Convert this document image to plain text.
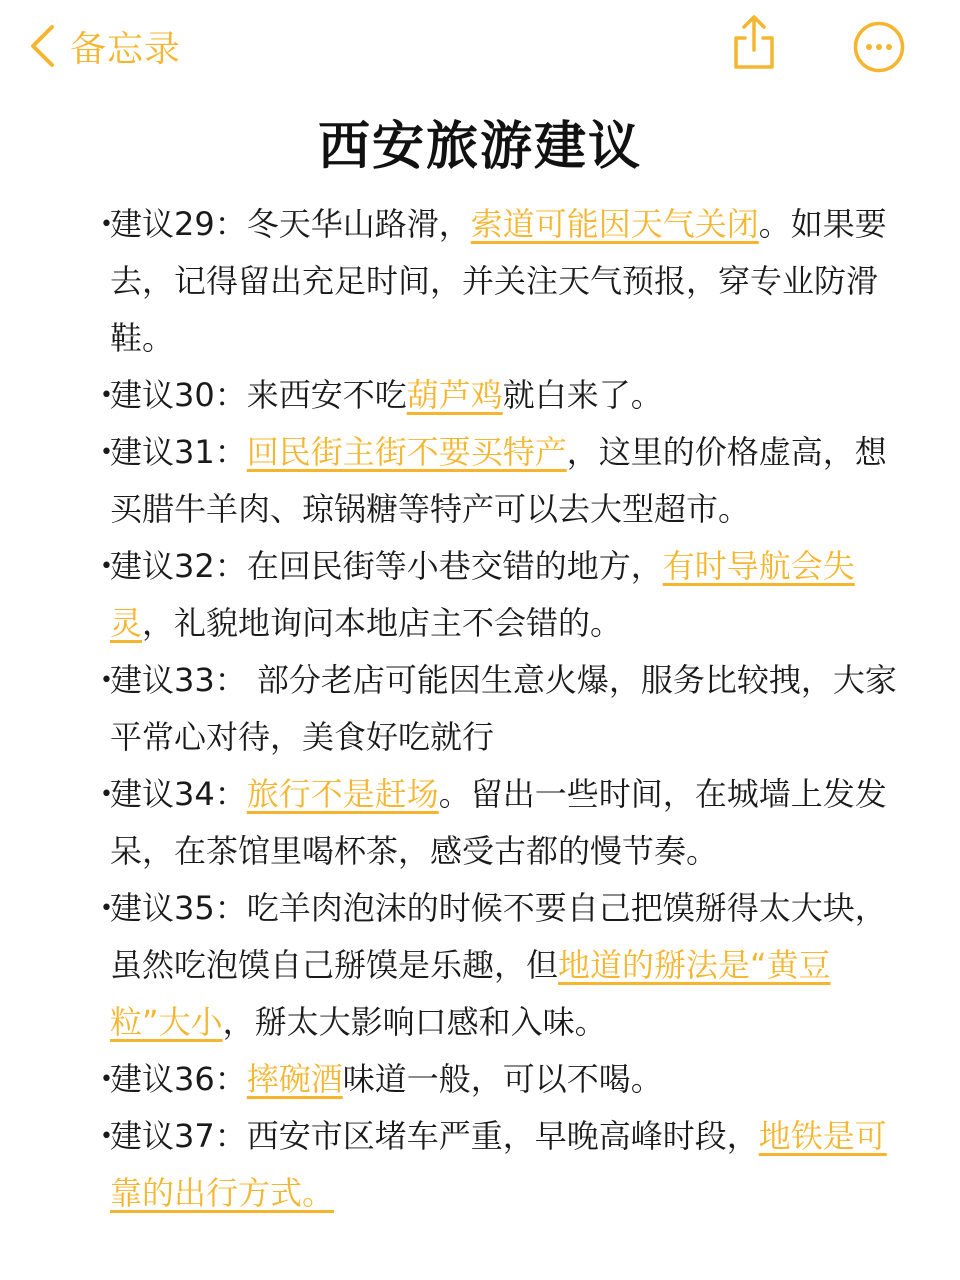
备忘录
西安旅游建议

•
建议29：冬天华山路滑，索道可能因天气关闭。如果要去，记得留出充足时间，并关注天气预报，穿专业防滑鞋。

•
建议30：来西安不吃葫芦鸡就白来了。

•
建议31：回民街主街不要买特产，这里的价格虚高，想买腊牛羊肉、琼锅糖等特产可以去大型超市。

•
建议32：在回民街等小巷交错的地方，有时导航会失灵，礼貌地询问本地店主不会错的。

•
建议33： 部分老店可能因生意火爆，服务比较拽，大家平常心对待，美食好吃就行

•
建议34：旅行不是赶场。留出一些时间，在城墙上发发呆，在茶馆里喝杯茶，感受古都的慢节奏。

•
建议35：吃羊肉泡沫的时候不要自己把馍掰得太大块，虽然吃泡馍自己掰馍是乐趣，但地道的掰法是“黄豆粒”大小，掰太大影响口感和入味。

•
建议36：摔碗酒味道一般，可以不喝。

•
建议37：西安市区堵车严重，早晚高峰时段，地铁是可靠的出行方式。
